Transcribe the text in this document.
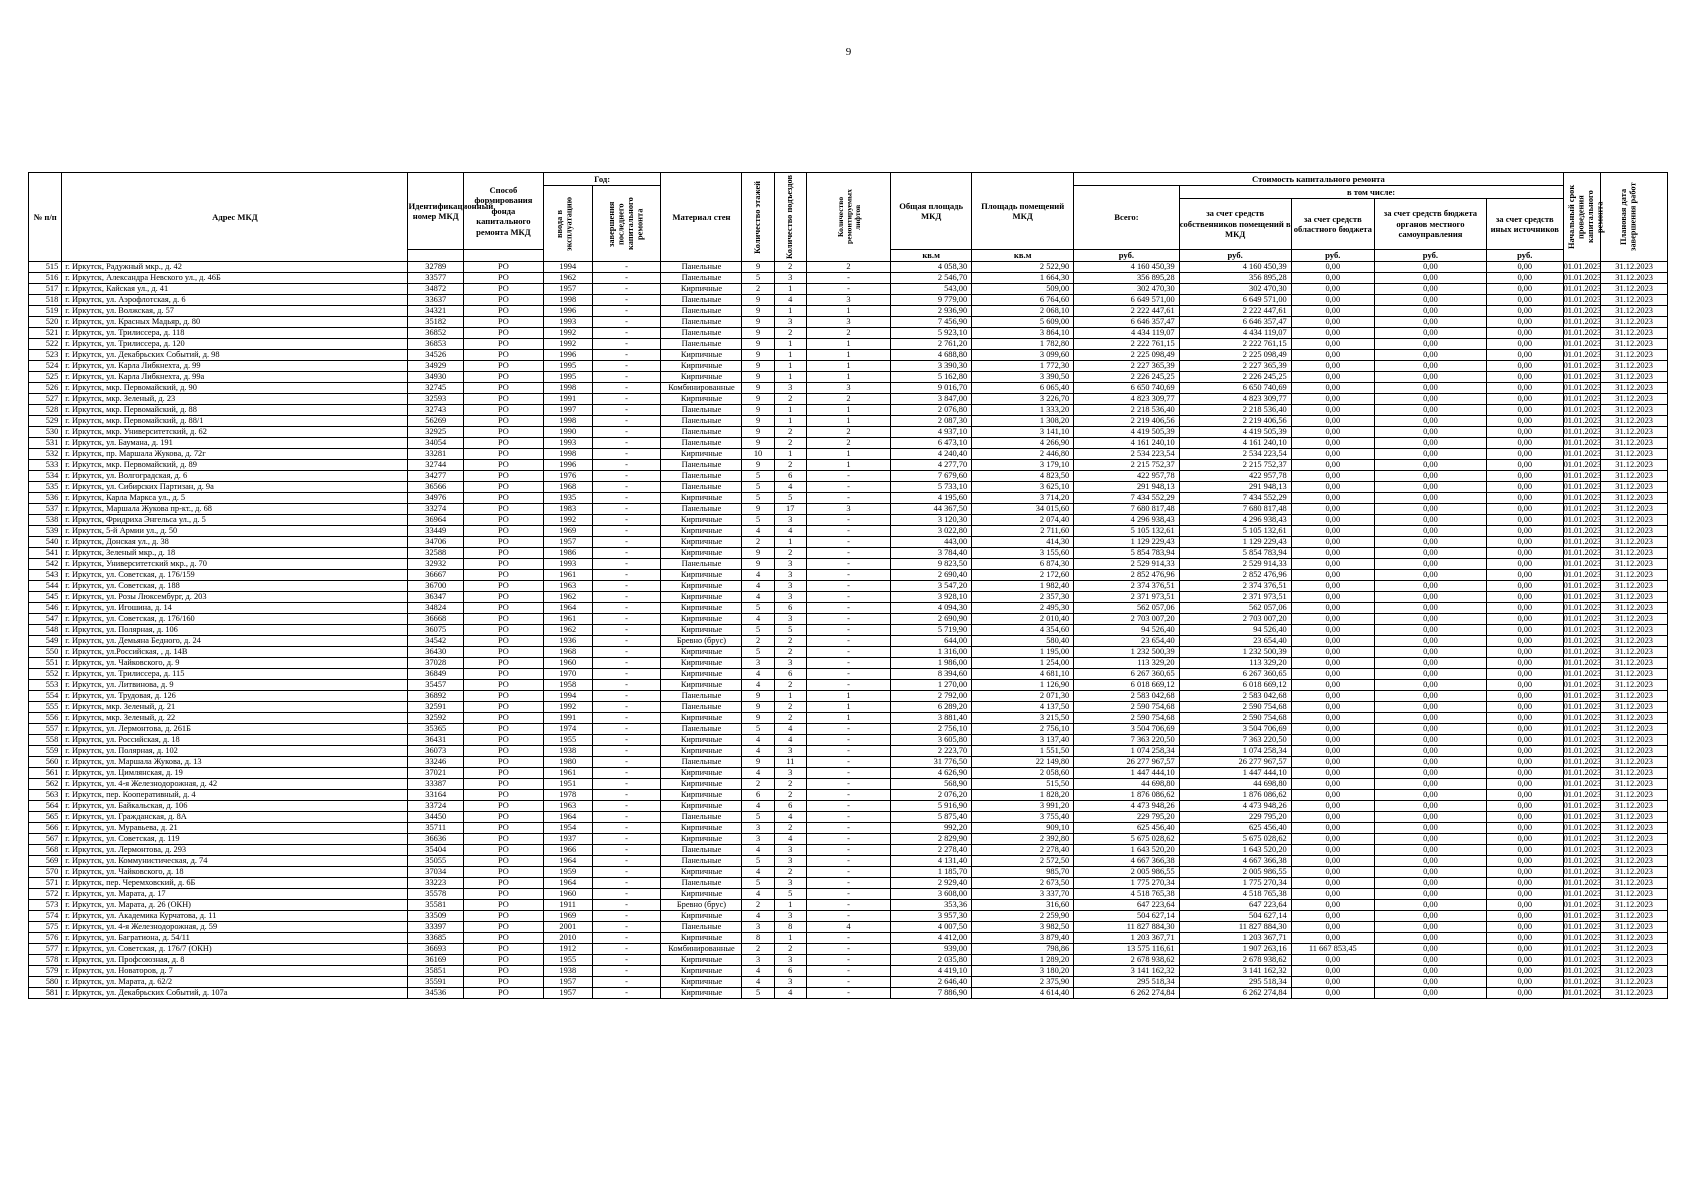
9
№ п/п	Адрес МКД	Идентификационный номер МКД	Способ формирования фонда капитального ремонта МКД	Год:		Материал стен	Количество этажей	Количество подъездов	Количество ремонтируемых лифтов	Общая площадь МКД	Площадь помещений МКД	Стоимость капитального ремонта					Начальный срок проведения капитального ремонта	Плановая дата завершения работ

				ввода в эксплуатацию	завершения последнего капитального ремонта							Всего:	в том числе:					
													за счет средств собственников помещений в МКД	за счет средств областного бюджета	за счет средств бюджета органов местного самоуправления	за счет средств иных источников		
										кв.м	кв.м	руб.	руб.	руб.	руб.	руб.		
515	г. Иркутск, Радужный мкр., д. 42	32789	РО	1994	-	Панельные	9	2	2	4 058,30	2 522,90	4 160 450,39	4 160 450,39	0,00	0,00	0,00	01.01.2023	31.12.2023
516	г. Иркутск, Александра Невского ул., д. 46Б	33577	РО	1962	-	Панельные	5	3	-	2 546,70	1 664,30	356 895,28	356 895,28	0,00	0,00	0,00	01.01.2023	31.12.2023
517	г. Иркутск, Кайская ул., д. 41	34872	РО	1957	-	Кирпичные	2	1	-	543,00	509,00	302 470,30	302 470,30	0,00	0,00	0,00	01.01.2023	31.12.2023
518	г. Иркутск, ул. Аэрофлотская, д. 6	33637	РО	1998	-	Панельные	9	4	3	9 779,00	6 764,60	6 649 571,00	6 649 571,00	0,00	0,00	0,00	01.01.2023	31.12.2023
519	г. Иркутск, ул. Волжская, д. 57	34321	РО	1996	-	Панельные	9	1	1	2 936,90	2 068,10	2 222 447,61	2 222 447,61	0,00	0,00	0,00	01.01.2023	31.12.2023
520	г. Иркутск, ул. Красных Мадьяр, д. 80	35182	РО	1993	-	Панельные	9	3	3	7 456,90	5 609,00	6 646 357,47	6 646 357,47	0,00	0,00	0,00	01.01.2023	31.12.2023
521	г. Иркутск, ул. Трилиссера, д. 118	36852	РО	1992	-	Панельные	9	2	2	5 923,10	3 864,10	4 434 119,07	4 434 119,07	0,00	0,00	0,00	01.01.2023	31.12.2023
522	г. Иркутск, ул. Трилиссера, д. 120	36853	РО	1992	-	Панельные	9	1	1	2 761,20	1 782,80	2 222 761,15	2 222 761,15	0,00	0,00	0,00	01.01.2023	31.12.2023
523	г. Иркутск, ул. Декабрьских Событий, д. 98	34526	РО	1996	-	Кирпичные	9	1	1	4 688,80	3 099,60	2 225 098,49	2 225 098,49	0,00	0,00	0,00	01.01.2023	31.12.2023
524	г. Иркутск, ул. Карла Либкнехта, д. 99	34929	РО	1995	-	Кирпичные	9	1	1	3 390,30	1 772,30	2 227 365,39	2 227 365,39	0,00	0,00	0,00	01.01.2023	31.12.2023
525	г. Иркутск, ул. Карла Либкнехта, д. 99а	34930	РО	1995	-	Кирпичные	9	1	1	5 162,80	3 390,50	2 226 245,25	2 226 245,25	0,00	0,00	0,00	01.01.2023	31.12.2023
526	г. Иркутск, мкр. Первомайский, д. 90	32745	РО	1998	-	Комбинированные	9	3	3	9 016,70	6 065,40	6 650 740,69	6 650 740,69	0,00	0,00	0,00	01.01.2023	31.12.2023
527	г. Иркутск, мкр. Зеленый, д. 23	32593	РО	1991	-	Кирпичные	9	2	2	3 847,00	3 226,70	4 823 309,77	4 823 309,77	0,00	0,00	0,00	01.01.2023	31.12.2023
528	г. Иркутск, мкр. Первомайский, д. 88	32743	РО	1997	-	Панельные	9	1	1	2 076,80	1 333,20	2 218 536,40	2 218 536,40	0,00	0,00	0,00	01.01.2023	31.12.2023
529	г. Иркутск, мкр. Первомайский, д. 88/1	56269	РО	1998	-	Панельные	9	1	1	2 087,30	1 308,20	2 219 406,56	2 219 406,56	0,00	0,00	0,00	01.01.2023	31.12.2023
530	г. Иркутск, мкр. Университетский, д. 62	32925	РО	1990	-	Панельные	9	2	2	4 937,10	3 141,10	4 419 505,39	4 419 505,39	0,00	0,00	0,00	01.01.2023	31.12.2023
531	г. Иркутск, ул. Баумана, д. 191	34054	РО	1993	-	Панельные	9	2	2	6 473,10	4 266,90	4 161 240,10	4 161 240,10	0,00	0,00	0,00	01.01.2023	31.12.2023
532	г. Иркутск, пр. Маршала Жукова, д. 72г	33281	РО	1998	-	Кирпичные	10	1	1	4 240,40	2 446,80	2 534 223,54	2 534 223,54	0,00	0,00	0,00	01.01.2023	31.12.2023
533	г. Иркутск, мкр. Первомайский, д. 89	32744	РО	1996	-	Панельные	9	2	1	4 277,70	3 179,10	2 215 752,37	2 215 752,37	0,00	0,00	0,00	01.01.2023	31.12.2023
534	г. Иркутск, ул. Волгоградская, д. 6	34277	РО	1976	-	Панельные	5	6	-	7 679,60	4 823,50	422 957,78	422 957,78	0,00	0,00	0,00	01.01.2023	31.12.2023
535	г. Иркутск, ул. Сибирских Партизан, д. 9а	36566	РО	1968	-	Панельные	5	4	-	5 733,10	3 625,10	291 948,13	291 948,13	0,00	0,00	0,00	01.01.2023	31.12.2023
536	г. Иркутск, Карла Маркса ул., д. 5	34976	РО	1935	-	Кирпичные	5	5	-	4 195,60	3 714,20	7 434 552,29	7 434 552,29	0,00	0,00	0,00	01.01.2023	31.12.2023
537	г. Иркутск, Маршала Жукова пр-кт., д. 68	33274	РО	1983	-	Панельные	9	17	3	44 367,50	34 015,60	7 680 817,48	7 680 817,48	0,00	0,00	0,00	01.01.2023	31.12.2023
538	г. Иркутск, Фридриха Энгельса ул., д. 5	36964	РО	1992	-	Кирпичные	5	3	-	3 120,30	2 074,40	4 296 938,43	4 296 938,43	0,00	0,00	0,00	01.01.2023	31.12.2023
539	г. Иркутск, 5-й Армии ул., д. 50	33449	РО	1969	-	Кирпичные	4	4	-	3 022,80	2 711,60	5 105 132,61	5 105 132,61	0,00	0,00	0,00	01.01.2023	31.12.2023
540	г. Иркутск, Донская ул., д. 38	34706	РО	1957	-	Кирпичные	2	1	-	443,00	414,30	1 129 229,43	1 129 229,43	0,00	0,00	0,00	01.01.2023	31.12.2023
541	г. Иркутск, Зеленый мкр., д. 18	32588	РО	1986	-	Кирпичные	9	2	-	3 784,40	3 155,60	5 854 783,94	5 854 783,94	0,00	0,00	0,00	01.01.2023	31.12.2023
542	г. Иркутск, Университетский мкр., д. 70	32932	РО	1993	-	Панельные	9	3	-	9 823,50	6 874,30	2 529 914,33	2 529 914,33	0,00	0,00	0,00	01.01.2023	31.12.2023
543	г. Иркутск, ул. Советская, д. 176/159	36667	РО	1961	-	Кирпичные	4	3	-	2 690,40	2 172,60	2 852 476,96	2 852 476,96	0,00	0,00	0,00	01.01.2023	31.12.2023
544	г. Иркутск, ул. Советская, д. 188	36700	РО	1963	-	Кирпичные	4	3	-	3 547,20	1 982,40	2 374 376,51	2 374 376,51	0,00	0,00	0,00	01.01.2023	31.12.2023
545	г. Иркутск, ул. Розы Люксембург, д. 203	36347	РО	1962	-	Кирпичные	4	3	-	3 928,10	2 357,30	2 371 973,51	2 371 973,51	0,00	0,00	0,00	01.01.2023	31.12.2023
546	г. Иркутск, ул. Игошина, д. 14	34824	РО	1964	-	Кирпичные	5	6	-	4 094,30	2 495,30	562 057,06	562 057,06	0,00	0,00	0,00	01.01.2023	31.12.2023
547	г. Иркутск, ул. Советская, д. 176/160	36668	РО	1961	-	Кирпичные	4	3	-	2 690,90	2 010,40	2 703 007,20	2 703 007,20	0,00	0,00	0,00	01.01.2023	31.12.2023
548	г. Иркутск, ул. Полярная, д. 106	36075	РО	1962	-	Кирпичные	5	5	-	5 719,90	4 354,60	94 526,40	94 526,40	0,00	0,00	0,00	01.01.2023	31.12.2023
549	г. Иркутск, ул. Демьяна Бедного, д. 24	34542	РО	1936	-	Бревно (брус)	2	2	-	644,00	580,40	23 654,40	23 654,40	0,00	0,00	0,00	01.01.2023	31.12.2023
550	г. Иркутск, ул.Российская, , д. 14В	36430	РО	1968	-	Кирпичные	5	2	-	1 316,00	1 195,00	1 232 500,39	1 232 500,39	0,00	0,00	0,00	01.01.2023	31.12.2023
551	г. Иркутск, ул. Чайковского, д. 9	37028	РО	1960	-	Кирпичные	3	3	-	1 986,00	1 254,00	113 329,20	113 329,20	0,00	0,00	0,00	01.01.2023	31.12.2023
552	г. Иркутск, ул. Трилиссера, д. 115	36849	РО	1970	-	Кирпичные	4	6	-	8 394,60	4 681,10	6 267 360,65	6 267 360,65	0,00	0,00	0,00	01.01.2023	31.12.2023
553	г. Иркутск, ул. Литвинова, д. 9	35457	РО	1958	-	Кирпичные	4	2	-	1 270,00	1 126,90	6 018 669,12	6 018 669,12	0,00	0,00	0,00	01.01.2023	31.12.2023
554	г. Иркутск, ул. Трудовая, д. 126	36892	РО	1994	-	Панельные	9	1	1	2 792,00	2 071,30	2 583 042,68	2 583 042,68	0,00	0,00	0,00	01.01.2023	31.12.2023
555	г. Иркутск, мкр. Зеленый, д. 21	32591	РО	1992	-	Панельные	9	2	1	6 289,20	4 137,50	2 590 754,68	2 590 754,68	0,00	0,00	0,00	01.01.2023	31.12.2023
556	г. Иркутск, мкр. Зеленый, д. 22	32592	РО	1991	-	Кирпичные	9	2	1	3 881,40	3 215,50	2 590 754,68	2 590 754,68	0,00	0,00	0,00	01.01.2023	31.12.2023
557	г. Иркутск, ул. Лермонтова, д. 261Б	35365	РО	1974	-	Панельные	5	4	-	2 756,10	2 756,10	3 504 706,69	3 504 706,69	0,00	0,00	0,00	01.01.2023	31.12.2023
558	г. Иркутск, ул. Российская, д. 18	36431	РО	1955	-	Кирпичные	4	4	-	3 605,80	3 137,40	7 363 220,50	7 363 220,50	0,00	0,00	0,00	01.01.2023	31.12.2023
559	г. Иркутск, ул. Полярная, д. 102	36073	РО	1938	-	Кирпичные	4	3	-	2 223,70	1 551,50	1 074 258,34	1 074 258,34	0,00	0,00	0,00	01.01.2023	31.12.2023
560	г. Иркутск, ул. Маршала Жукова, д. 13	33246	РО	1980	-	Панельные	9	11	-	31 776,50	22 149,80	26 277 967,57	26 277 967,57	0,00	0,00	0,00	01.01.2023	31.12.2023
561	г. Иркутск, ул. Цимлянская, д. 19	37021	РО	1961	-	Кирпичные	4	3	-	4 626,90	2 058,60	1 447 444,10	1 447 444,10	0,00	0,00	0,00	01.01.2023	31.12.2023
562	г. Иркутск, ул. 4-я Железнодорожная, д. 42	33387	РО	1951	-	Кирпичные	2	2	-	568,90	515,50	44 698,80	44 698,80	0,00	0,00	0,00	01.01.2023	31.12.2023
563	г. Иркутск, пер. Кооперативный, д. 4	33164	РО	1978	-	Кирпичные	6	2	-	2 076,20	1 828,20	1 876 086,62	1 876 086,62	0,00	0,00	0,00	01.01.2023	31.12.2023
564	г. Иркутск, ул. Байкальская, д. 106	33724	РО	1963	-	Кирпичные	4	6	-	5 916,90	3 991,20	4 473 948,26	4 473 948,26	0,00	0,00	0,00	01.01.2023	31.12.2023
565	г. Иркутск, ул. Гражданская, д. 8А	34450	РО	1964	-	Панельные	5	4	-	5 875,40	3 755,40	229 795,20	229 795,20	0,00	0,00	0,00	01.01.2023	31.12.2023
566	г. Иркутск, ул. Муравьева, д. 21	35711	РО	1954	-	Кирпичные	3	2	-	992,20	909,10	625 456,40	625 456,40	0,00	0,00	0,00	01.01.2023	31.12.2023
567	г. Иркутск, ул. Советская, д. 119	36636	РО	1937	-	Кирпичные	3	4	-	2 829,90	2 392,80	5 675 028,62	5 675 028,62	0,00	0,00	0,00	01.01.2023	31.12.2023
568	г. Иркутск, ул. Лермонтова, д. 293	35404	РО	1966	-	Панельные	4	3	-	2 278,40	2 278,40	1 643 520,20	1 643 520,20	0,00	0,00	0,00	01.01.2023	31.12.2023
569	г. Иркутск, ул. Коммунистическая, д. 74	35055	РО	1964	-	Панельные	5	3	-	4 131,40	2 572,50	4 667 366,38	4 667 366,38	0,00	0,00	0,00	01.01.2023	31.12.2023
570	г. Иркутск, ул. Чайковского, д. 18	37034	РО	1959	-	Кирпичные	4	2	-	1 185,70	985,70	2 005 986,55	2 005 986,55	0,00	0,00	0,00	01.01.2023	31.12.2023
571	г. Иркутск, пер. Черемховский, д. 6Б	33223	РО	1964	-	Панельные	5	3	-	2 929,40	2 673,50	1 775 270,34	1 775 270,34	0,00	0,00	0,00	01.01.2023	31.12.2023
572	г. Иркутск, ул. Марата, д. 17	35578	РО	1960	-	Кирпичные	4	5	-	3 608,00	3 337,70	4 518 765,38	4 518 765,38	0,00	0,00	0,00	01.01.2023	31.12.2023
573	г. Иркутск, ул. Марата, д. 26 (ОКН)	35581	РО	1911	-	Бревно (брус)	2	1	-	353,36	316,60	647 223,64	647 223,64	0,00	0,00	0,00	01.01.2023	31.12.2023
574	г. Иркутск, ул. Академика Курчатова, д. 11	33509	РО	1969	-	Кирпичные	4	3	-	3 957,30	2 259,90	504 627,14	504 627,14	0,00	0,00	0,00	01.01.2023	31.12.2023
575	г. Иркутск, ул. 4-я Железнодорожная, д. 59	33397	РО	2001	-	Панельные	3	8	4	4 007,50	3 982,50	11 827 884,30	11 827 884,30	0,00	0,00	0,00	01.01.2023	31.12.2023
576	г. Иркутск, ул. Багратиона, д. 54/11	33685	РО	2010	-	Кирпичные	8	1	-	4 412,00	3 879,40	1 203 367,71	1 203 367,71	0,00	0,00	0,00	01.01.2023	31.12.2023
577	г. Иркутск, ул. Советская, д. 176/7 (ОКН)	36693	РО	1912	-	Комбинированные	2	2	-	939,00	798,86	13 575 116,61	1 907 263,16	11 667 853,45	0,00	0,00	01.01.2023	31.12.2023
578	г. Иркутск, ул. Профсоюзная, д. 8	36169	РО	1955	-	Кирпичные	3	3	-	2 035,80	1 289,20	2 678 938,62	2 678 938,62	0,00	0,00	0,00	01.01.2023	31.12.2023
579	г. Иркутск, ул. Новаторов, д. 7	35851	РО	1938	-	Кирпичные	4	6	-	4 419,10	3 180,20	3 141 162,32	3 141 162,32	0,00	0,00	0,00	01.01.2023	31.12.2023
580	г. Иркутск, ул. Марата, д. 62/2	35591	РО	1957	-	Кирпичные	4	3	-	2 646,40	2 375,90	295 518,34	295 518,34	0,00	0,00	0,00	01.01.2023	31.12.2023
581	г. Иркутск, ул. Декабрьских Событий, д. 107а	34536	РО	1957	-	Кирпичные	5	4	-	7 886,90	4 614,40	6 262 274,84	6 262 274,84	0,00	0,00	0,00	01.01.2023	31.12.2023
